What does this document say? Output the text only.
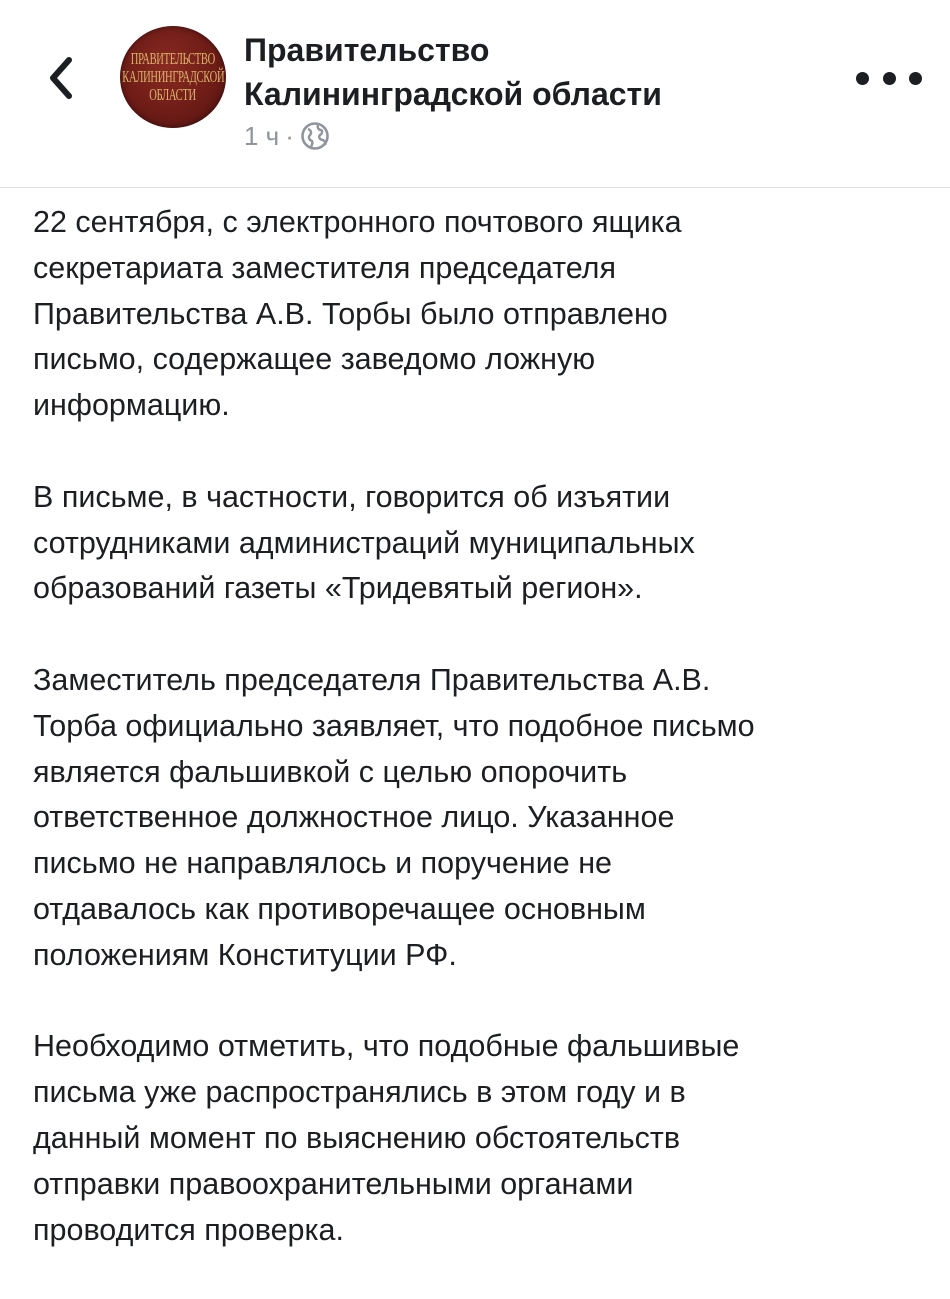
ПРАВИТЕЛЬСТВО
КАЛИНИНГРАДСКОЙ
ОБЛАСТИ
Правительство
Калининградской области
1 ч ·

22 сентября, с электронного почтового ящика
секретариата заместителя председателя
Правительства А.В. Торбы было отправлено
письмо, содержащее заведомо ложную
информацию.

В письме, в частности, говорится об изъятии
сотрудниками администраций муниципальных
образований газеты «Тридевятый регион».

Заместитель председателя Правительства А.В.
Торба официально заявляет, что подобное письмо
является фальшивкой с целью опорочить
ответственное должностное лицо. Указанное
письмо не направлялось и поручение не
отдавалось как противоречащее основным
положениям Конституции РФ.

Необходимо отметить, что подобные фальшивые
письма уже распространялись в этом году и в
данный момент по выяснению обстоятельств
отправки правоохранительными органами
проводится проверка.
